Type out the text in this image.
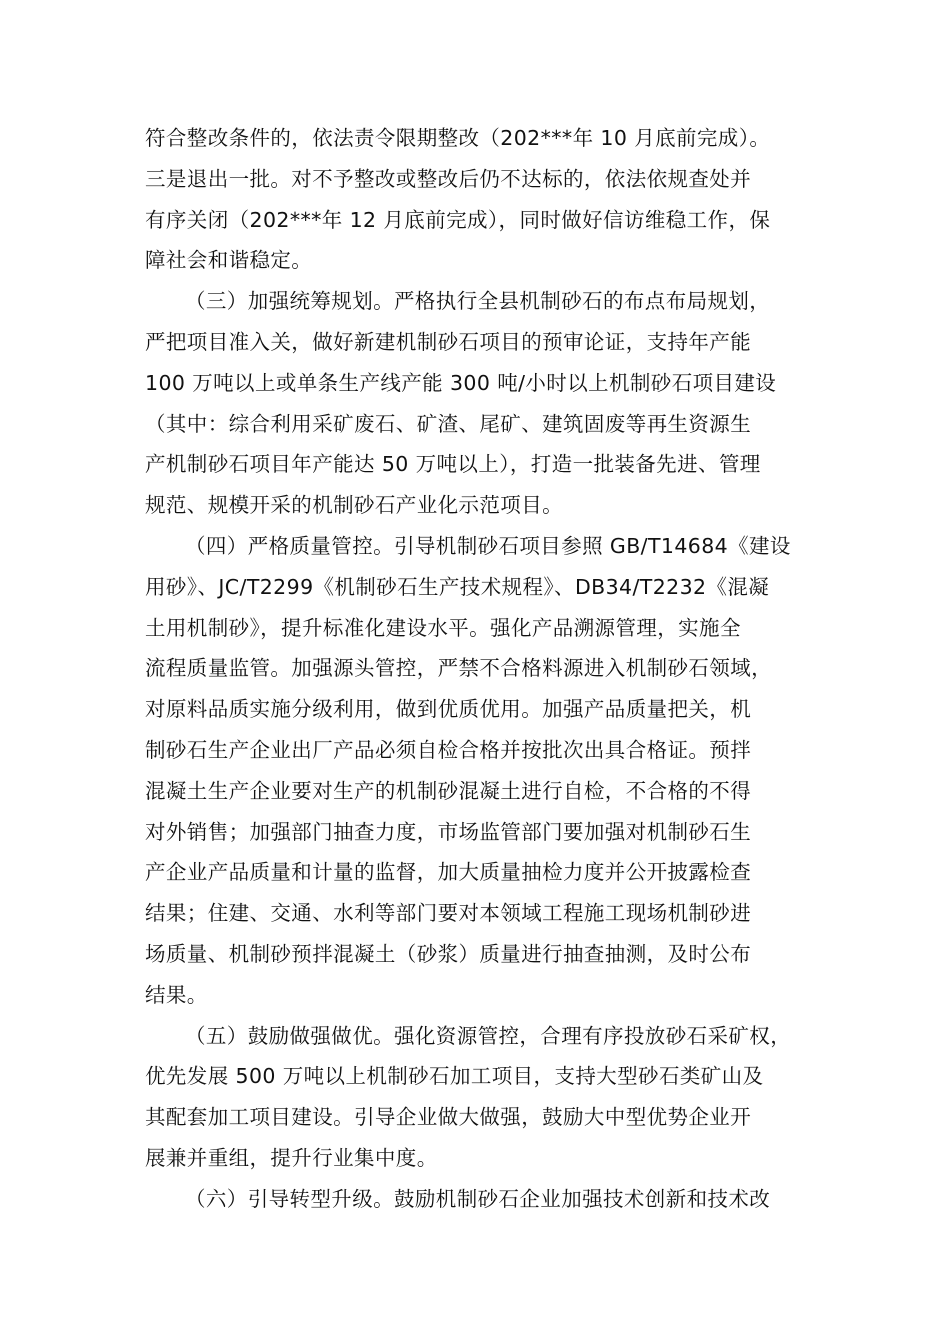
符合整改条件的，依法责令限期整改（202***年 10 月底前完成）。
三是退出一批。对不予整改或整改后仍不达标的，依法依规查处并
有序关闭（202***年 12 月底前完成），同时做好信访维稳工作，保
障社会和谐稳定。
（三）加强统筹规划。严格执行全县机制砂石的布点布局规划，
严把项目准入关，做好新建机制砂石项目的预审论证，支持年产能
100 万吨以上或单条生产线产能 300 吨/小时以上机制砂石项目建设
（其中：综合利用采矿废石、矿渣、尾矿、建筑固废等再生资源生
产机制砂石项目年产能达 50 万吨以上），打造一批装备先进、管理
规范、规模开采的机制砂石产业化示范项目。
（四）严格质量管控。引导机制砂石项目参照 GB/T14684《建设
用砂》、JC/T2299《机制砂石生产技术规程》、DB34/T2232《混凝
土用机制砂》，提升标准化建设水平。强化产品溯源管理，实施全
流程质量监管。加强源头管控，严禁不合格料源进入机制砂石领域，
对原料品质实施分级利用，做到优质优用。加强产品质量把关，机
制砂石生产企业出厂产品必须自检合格并按批次出具合格证。预拌
混凝土生产企业要对生产的机制砂混凝土进行自检，不合格的不得
对外销售；加强部门抽查力度，市场监管部门要加强对机制砂石生
产企业产品质量和计量的监督，加大质量抽检力度并公开披露检查
结果；住建、交通、水利等部门要对本领域工程施工现场机制砂进
场质量、机制砂预拌混凝土（砂浆）质量进行抽查抽测，及时公布
结果。
（五）鼓励做强做优。强化资源管控，合理有序投放砂石采矿权，
优先发展 500 万吨以上机制砂石加工项目，支持大型砂石类矿山及
其配套加工项目建设。引导企业做大做强，鼓励大中型优势企业开
展兼并重组，提升行业集中度。
（六）引导转型升级。鼓励机制砂石企业加强技术创新和技术改
